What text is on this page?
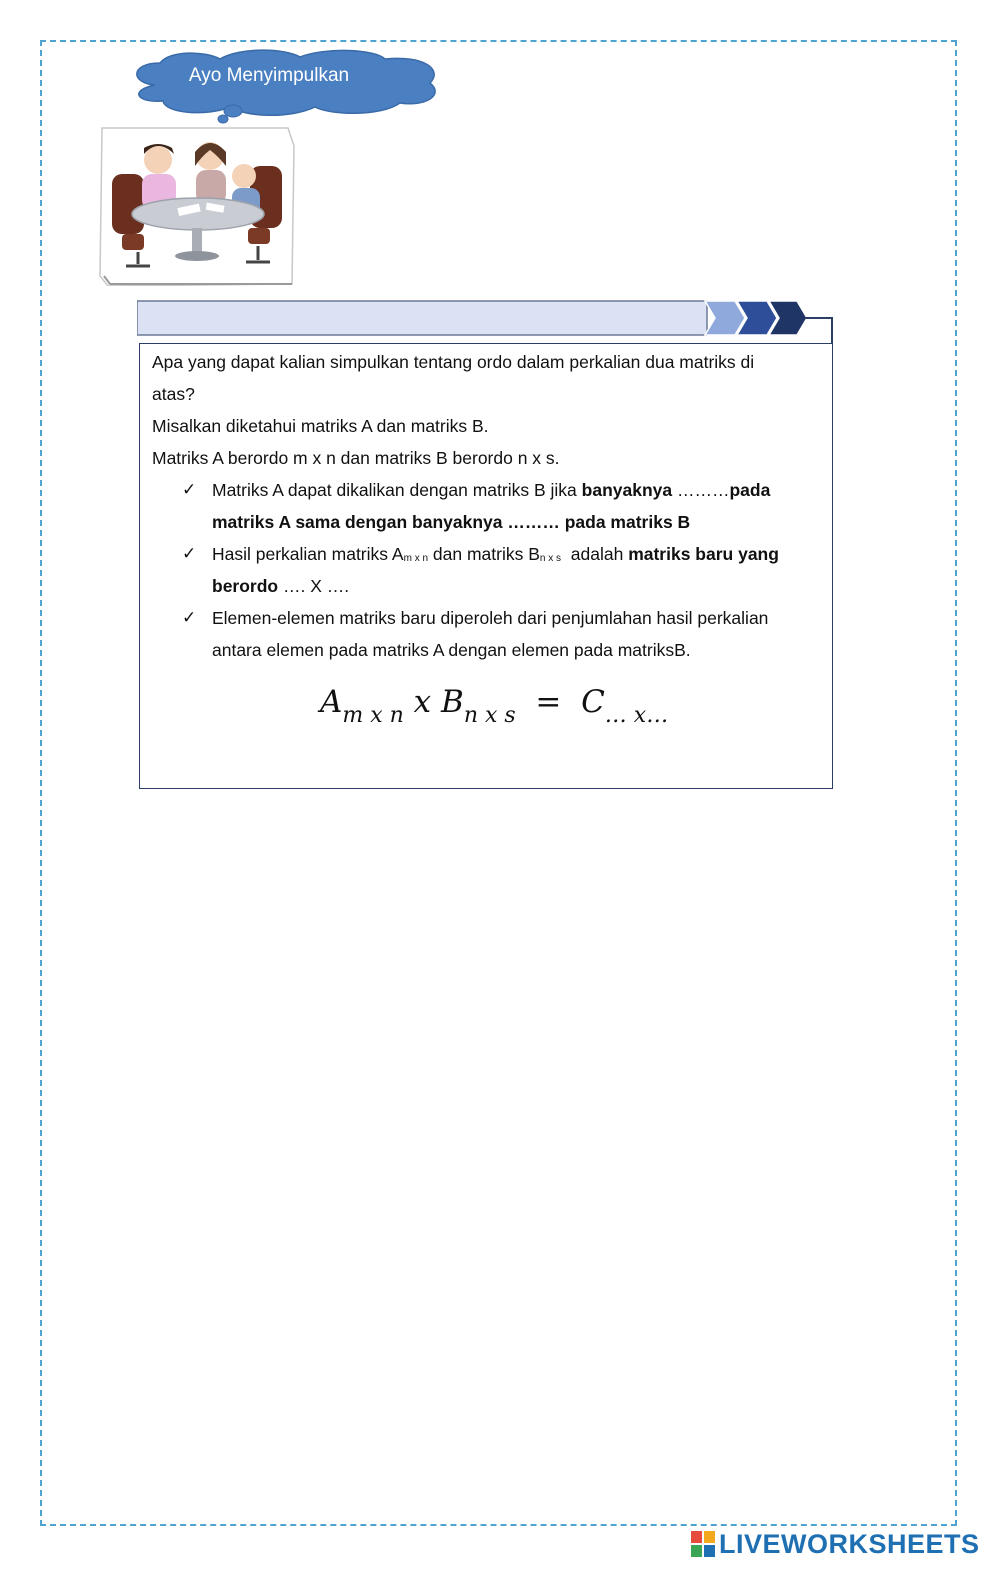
Ayo Menyimpulkan
Apa yang dapat kalian simpulkan tentang ordo dalam perkalian dua matriks di
atas?
Misalkan diketahui matriks A dan matriks B.
Matriks A berordo m x n dan matriks B berordo n x s.
✓ Matriks A dapat dikalikan dengan matriks B jika banyaknya ………pada
matriks A sama dengan banyaknya ……… pada matriks B
✓ Hasil perkalian matriks Am x n dan matriks Bn x s  adalah matriks baru yang
berordo …. X ….
✓ Elemen-elemen matriks baru diperoleh dari penjumlahan hasil perkalian
antara elemen pada matriks A dengan elemen pada matriksB.
$A_{m x n}$ x $B_{n x s} = C_{\dots x\dots}$
LIVEWORKSHEETS
